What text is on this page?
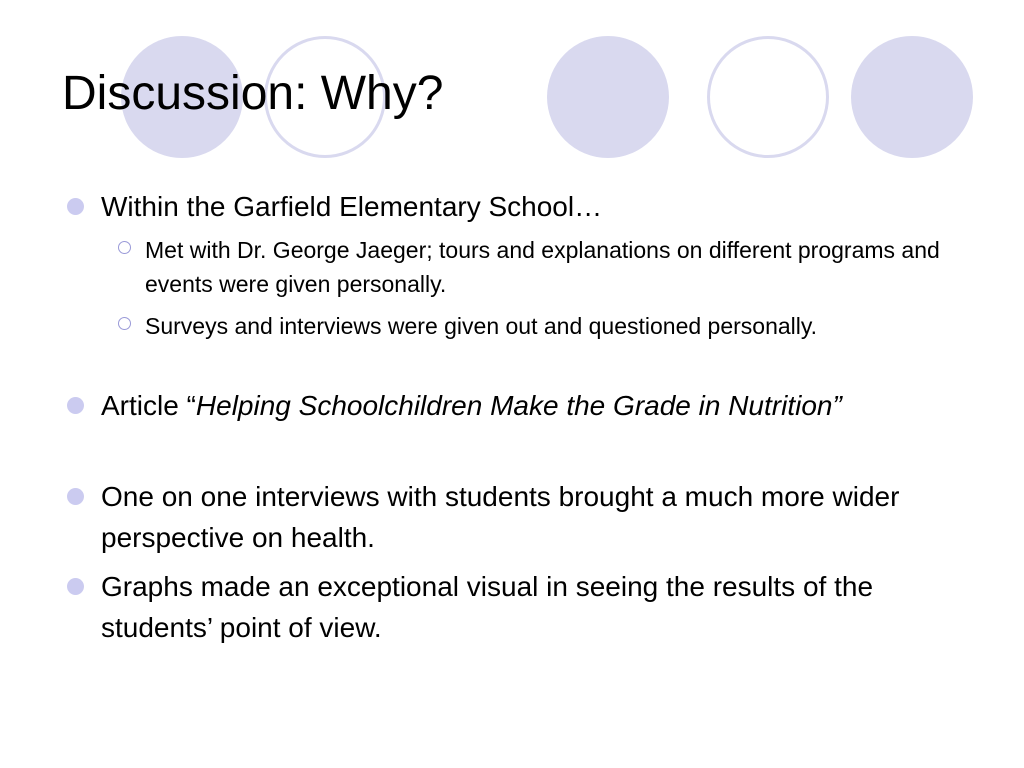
Discussion: Why?
Within the Garfield Elementary School…
Met with Dr. George Jaeger; tours and explanations on different programs and events were given personally.
Surveys and interviews were given out and questioned personally.
Article “Helping Schoolchildren Make the Grade in Nutrition”
One on one interviews with students brought a much more wider perspective on health.
Graphs made an exceptional visual in seeing the results of the students’ point of view.
